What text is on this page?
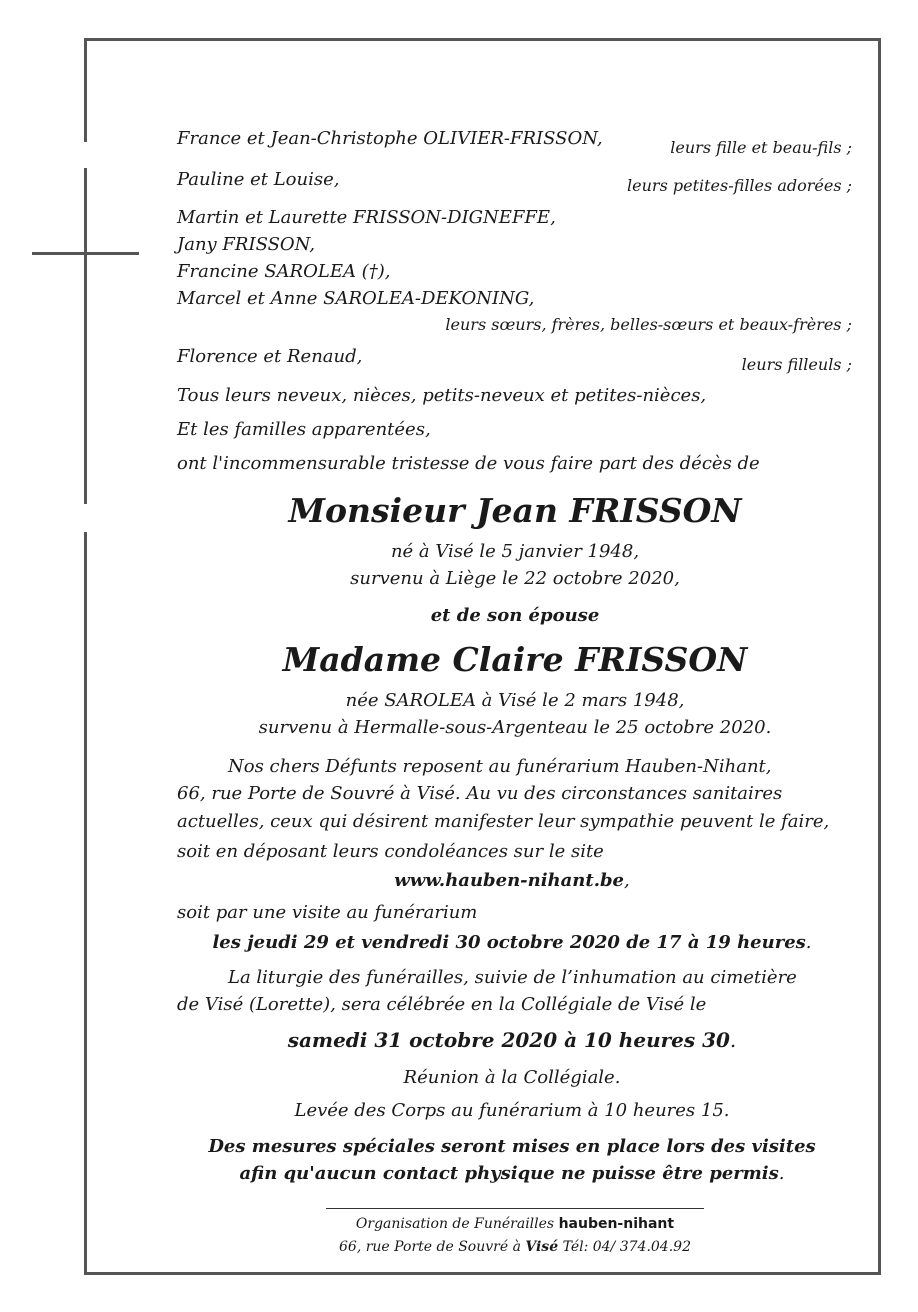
France et Jean-Christophe OLIVIER-FRISSON,	leurs fille et beau-fils ;
Pauline et Louise,	leurs petites-filles adorées ;
Martin et Laurette FRISSON-DIGNEFFE,
Jany FRISSON,
Francine SAROLEA (†),
Marcel et Anne SAROLEA-DEKONING,
leurs sœurs, frères, belles-sœurs et beaux-frères ;
Florence et Renaud,	leurs filleuls ;
Tous leurs neveux, nièces, petits-neveux et petites-nièces,
Et les familles apparentées,
ont l'incommensurable tristesse de vous faire part des décès de
Monsieur Jean FRISSON
né à Visé le 5 janvier 1948,
survenu à Liège le 22 octobre 2020,
et de son épouse
Madame Claire FRISSON
née SAROLEA à Visé le 2 mars 1948,
survenu à Hermalle-sous-Argenteau le 25 octobre 2020.
Nos chers Défunts reposent au funérarium Hauben-Nihant,
66, rue Porte de Souvré à Visé. Au vu des circonstances sanitaires
actuelles, ceux qui désirent manifester leur sympathie peuvent le faire,
soit en déposant leurs condoléances sur le site
www.hauben-nihant.be,
soit par une visite au funérarium
les jeudi 29 et vendredi 30 octobre 2020 de 17 à 19 heures.
La liturgie des funérailles, suivie de l’inhumation au cimetière
de Visé (Lorette), sera célébrée en la Collégiale de Visé le
samedi 31 octobre 2020 à 10 heures 30.
Réunion à la Collégiale.
Levée des Corps au funérarium à 10 heures 15.
Des mesures spéciales seront mises en place lors des visites
afin qu'aucun contact physique ne puisse être permis.
Organisation de Funérailles hauben-nihant
66, rue Porte de Souvré à Visé Tél: 04/ 374.04.92
